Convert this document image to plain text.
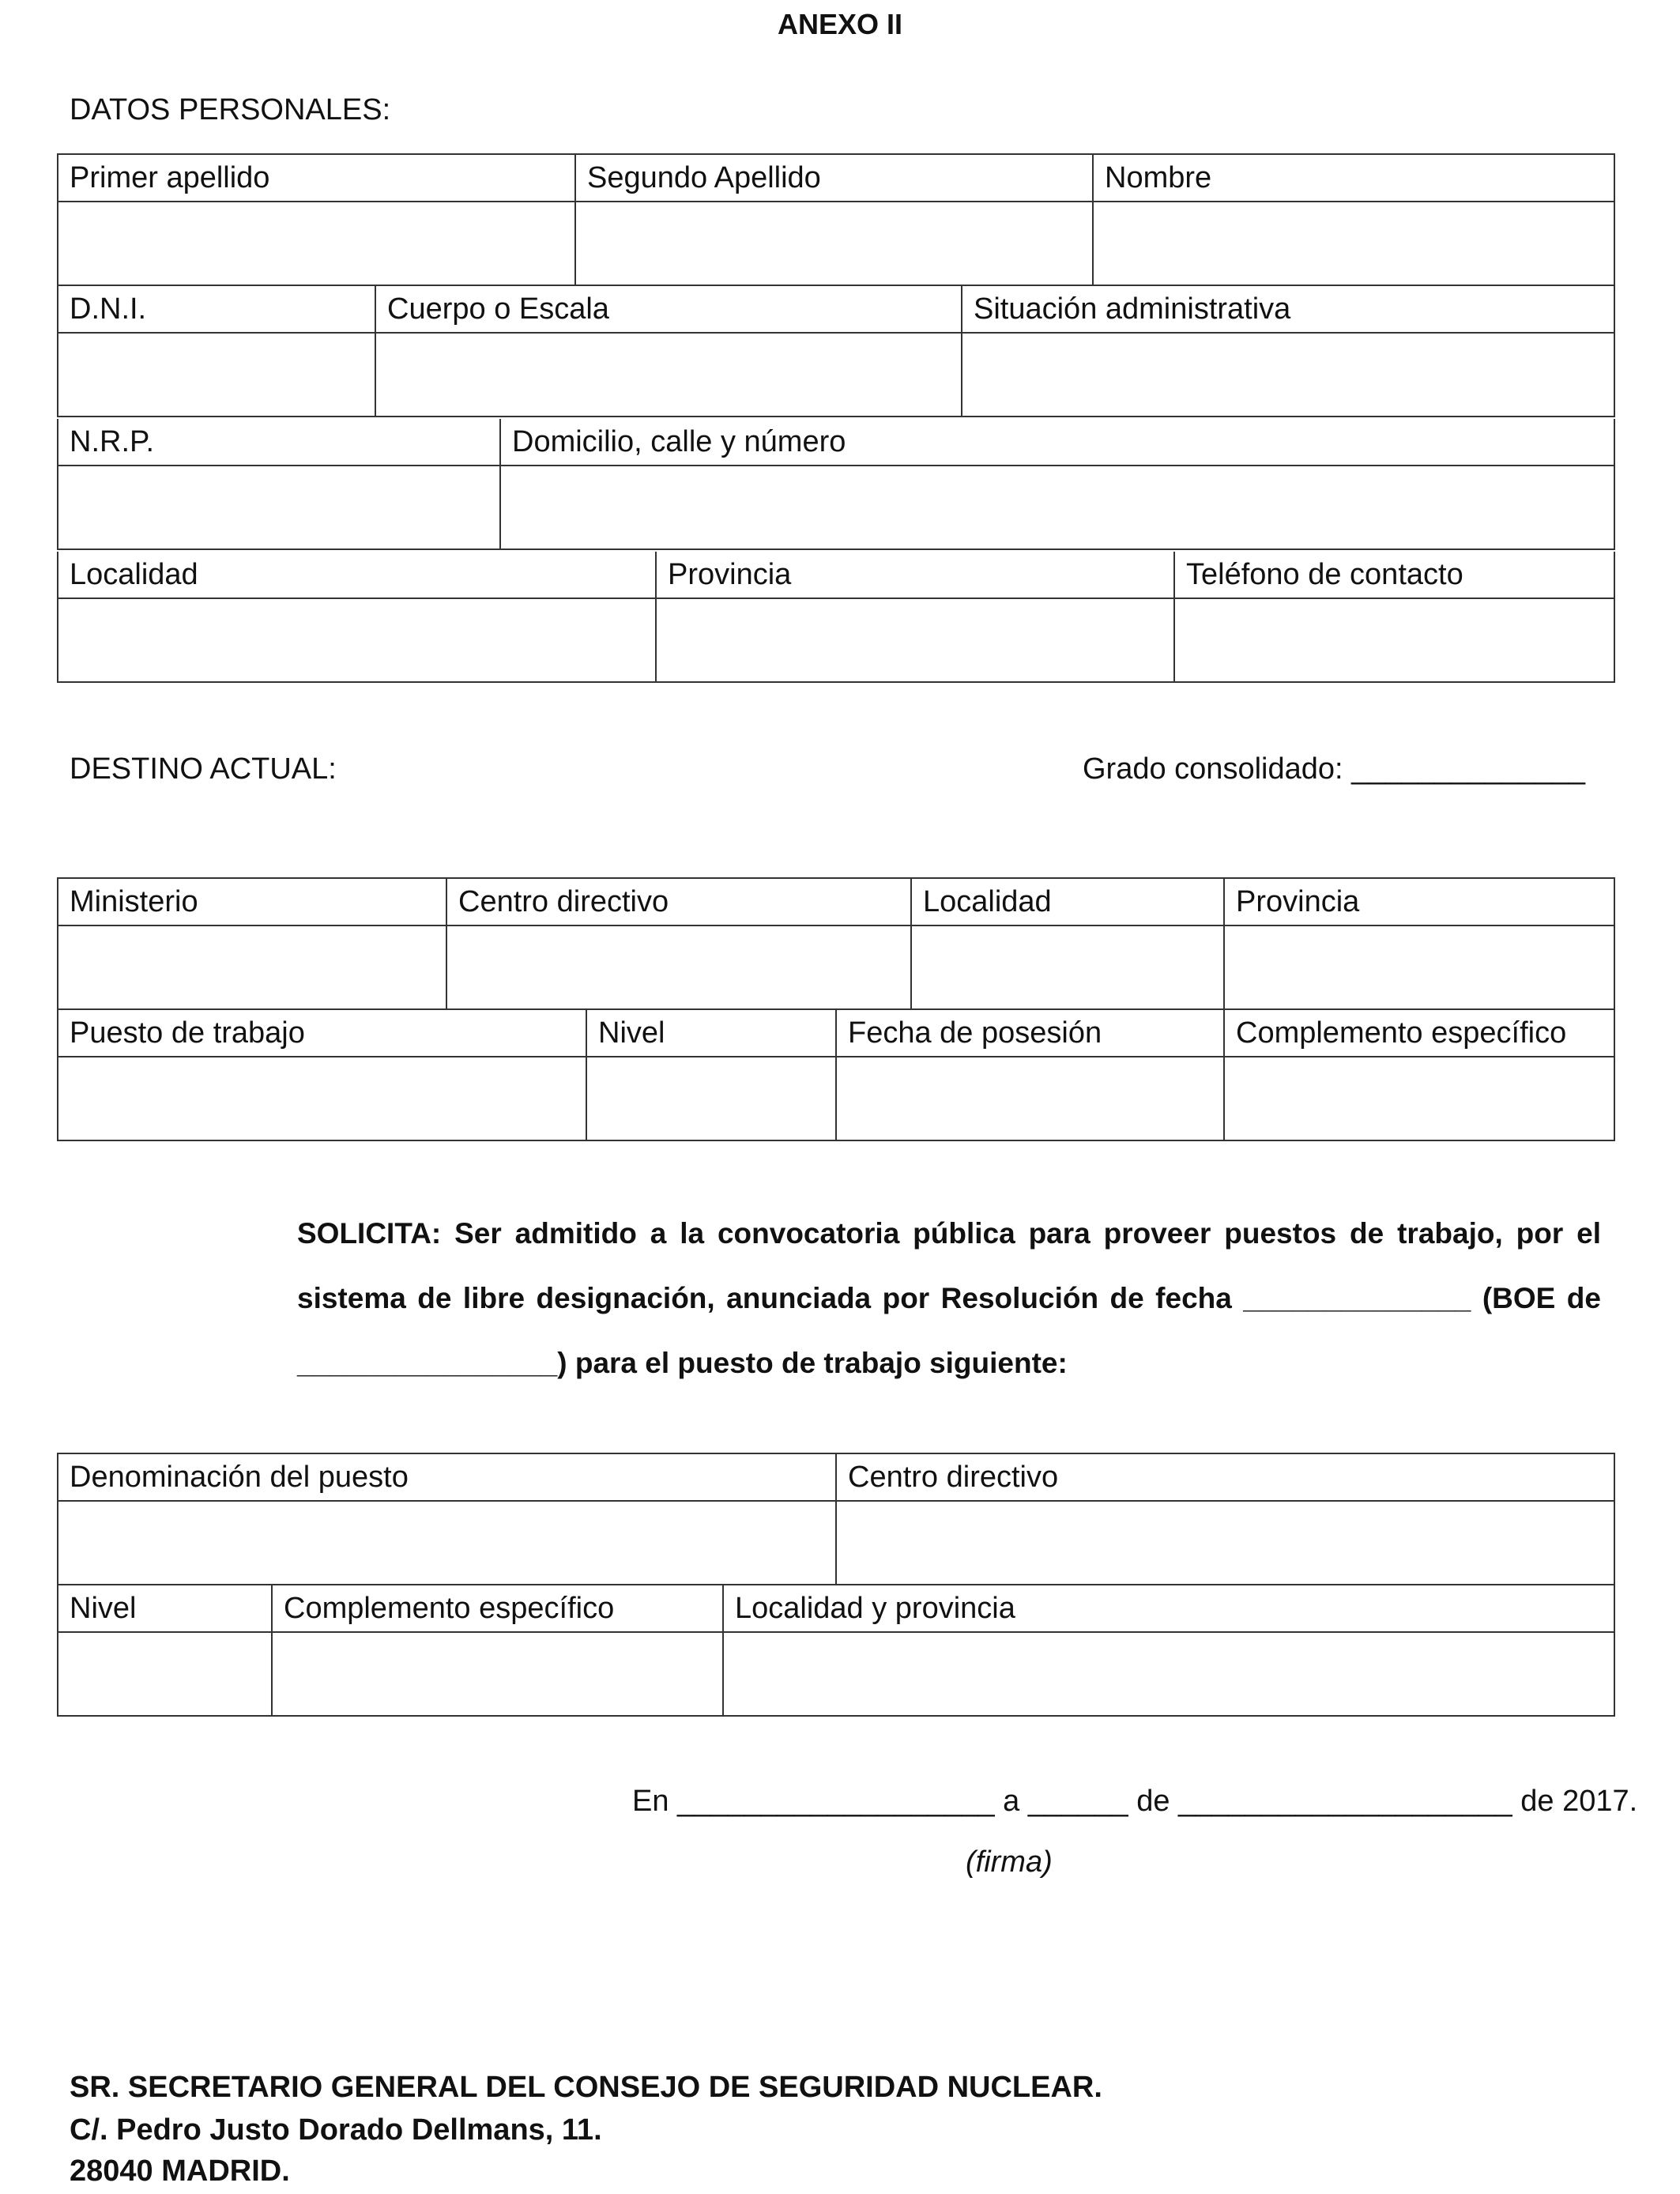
ANEXO II
DATOS PERSONALES:
Primer apellido	Segundo Apellido	Nombre
D.N.I.	Cuerpo o Escala	Situación administrativa
N.R.P.	Domicilio, calle y número
Localidad	Provincia	Teléfono de contacto
DESTINO ACTUAL:	Grado consolidado: ______________
Ministerio	Centro directivo	Localidad	Provincia
Puesto de trabajo	Nivel	Fecha de posesión	Complemento específico
SOLICITA: Ser admitido a la convocatoria pública para proveer puestos de trabajo, por el sistema de libre designación, anunciada por Resolución de fecha ______________ (BOE de ________________) para el puesto de trabajo siguiente:
Denominación del puesto	Centro directivo
Nivel	Complemento específico	Localidad y provincia
En ___________________ a ______ de ____________________ de 2017.
(firma)
SR. SECRETARIO GENERAL DEL CONSEJO DE SEGURIDAD NUCLEAR.
C/. Pedro Justo Dorado Dellmans, 11.
28040 MADRID.
